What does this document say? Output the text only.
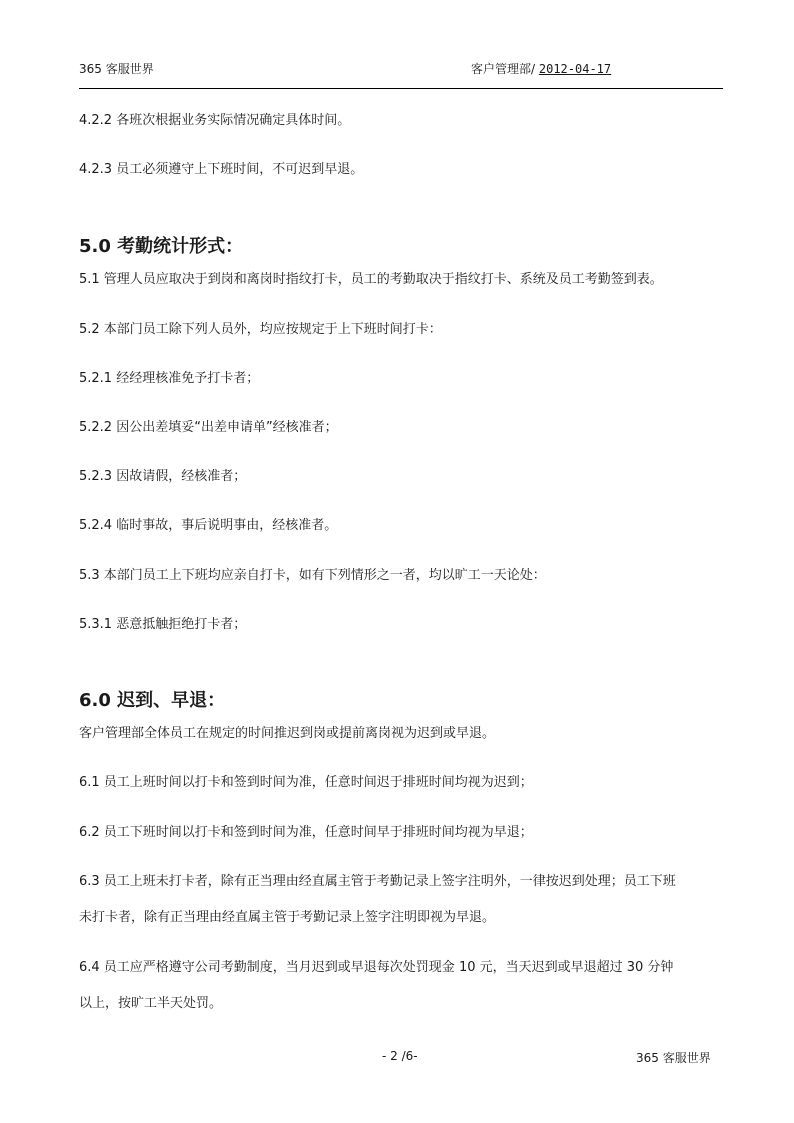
365 客服世界	客户管理部/ 2012-04-17
4.2.2 各班次根据业务实际情况确定具体时间。
4.2.3 员工必须遵守上下班时间，不可迟到早退。
5.0 考勤统计形式：
5.1 管理人员应取决于到岗和离岗时指纹打卡，员工的考勤取决于指纹打卡、系统及员工考勤签到表。
5.2 本部门员工除下列人员外，均应按规定于上下班时间打卡：
5.2.1 经经理核准免予打卡者；
5.2.2 因公出差填妥“出差申请单”经核准者；
5.2.3 因故请假，经核准者；
5.2.4 临时事故，事后说明事由，经核准者。
5.3 本部门员工上下班均应亲自打卡，如有下列情形之一者，均以旷工一天论处：
5.3.1 恶意抵触拒绝打卡者；
6.0 迟到、早退：
客户管理部全体员工在规定的时间推迟到岗或提前离岗视为迟到或早退。
6.1 员工上班时间以打卡和签到时间为准，任意时间迟于排班时间均视为迟到；
6.2 员工下班时间以打卡和签到时间为准，任意时间早于排班时间均视为早退；
6.3 员工上班未打卡者，除有正当理由经直属主管于考勤记录上签字注明外，一律按迟到处理；员工下班
未打卡者，除有正当理由经直属主管于考勤记录上签字注明即视为早退。
6.4 员工应严格遵守公司考勤制度，当月迟到或早退每次处罚现金 10 元，当天迟到或早退超过 30 分钟
以上，按旷工半天处罚。
- 2 /6-	365 客服世界
